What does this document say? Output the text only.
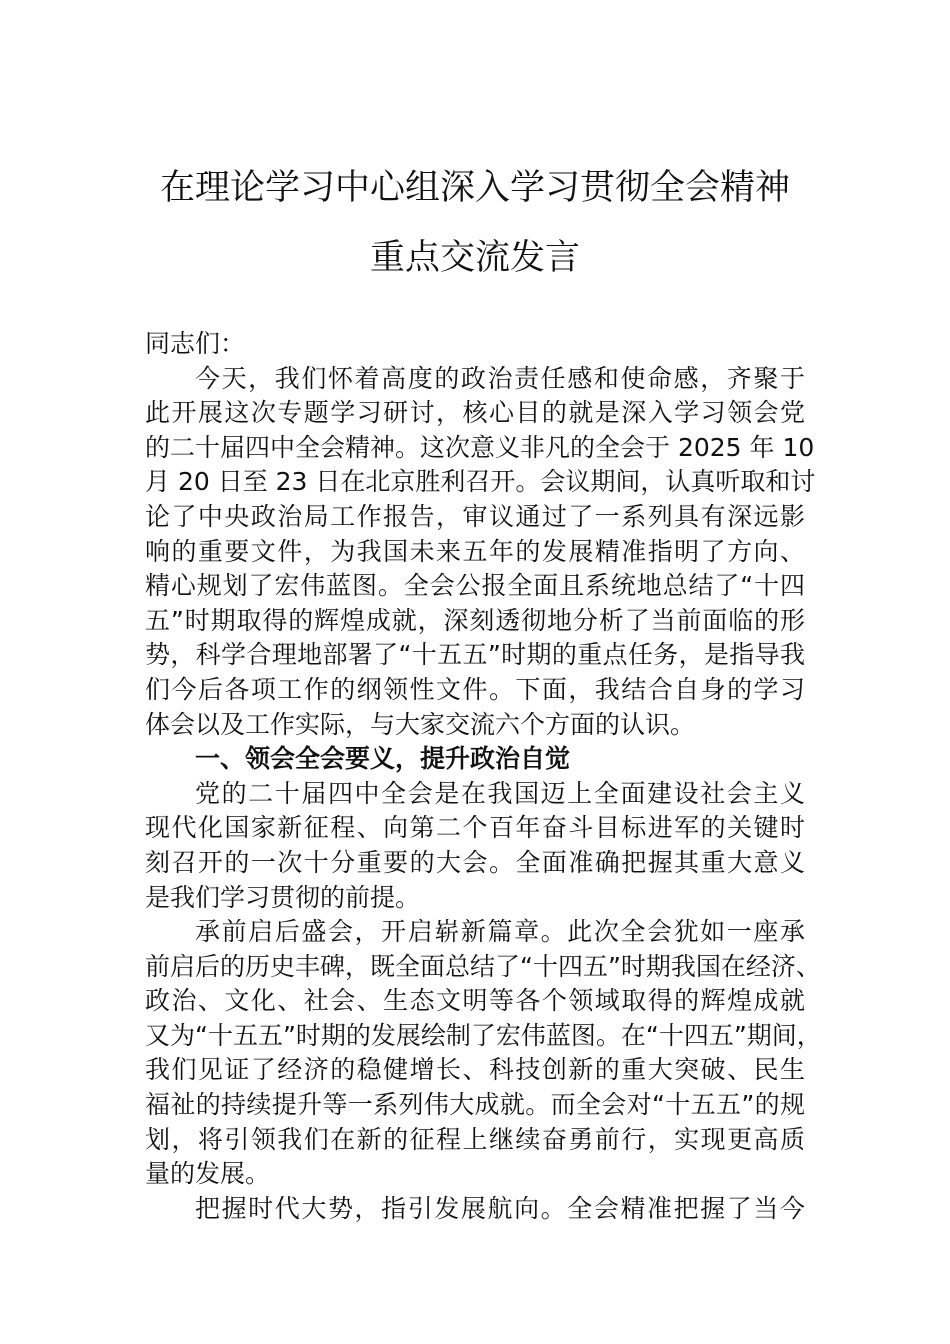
在理论学习中心组深入学习贯彻全会精神
重点交流发言
同志们：
今天，我们怀着高度的政治责任感和使命感，齐聚于
此开展这次专题学习研讨，核心目的就是深入学习领会党
的二十届四中全会精神。这次意义非凡的全会于 2025 年 10
月 20 日至 23 日在北京胜利召开。会议期间，认真听取和讨
论了中央政治局工作报告，审议通过了一系列具有深远影
响的重要文件，为我国未来五年的发展精准指明了方向、
精心规划了宏伟蓝图。全会公报全面且系统地总结了“十四
五”时期取得的辉煌成就，深刻透彻地分析了当前面临的形
势，科学合理地部署了“十五五”时期的重点任务，是指导我
们今后各项工作的纲领性文件。下面，我结合自身的学习
体会以及工作实际，与大家交流六个方面的认识。
一、领会全会要义，提升政治自觉
党的二十届四中全会是在我国迈上全面建设社会主义
现代化国家新征程、向第二个百年奋斗目标进军的关键时
刻召开的一次十分重要的大会。全面准确把握其重大意义
是我们学习贯彻的前提。
承前启后盛会，开启崭新篇章。此次全会犹如一座承
前启后的历史丰碑，既全面总结了“十四五”时期我国在经济、
政治、文化、社会、生态文明等各个领域取得的辉煌成就
又为“十五五”时期的发展绘制了宏伟蓝图。在“十四五”期间，
我们见证了经济的稳健增长、科技创新的重大突破、民生
福祉的持续提升等一系列伟大成就。而全会对“十五五”的规
划，将引领我们在新的征程上继续奋勇前行，实现更高质
量的发展。
把握时代大势，指引发展航向。全会精准把握了当今
